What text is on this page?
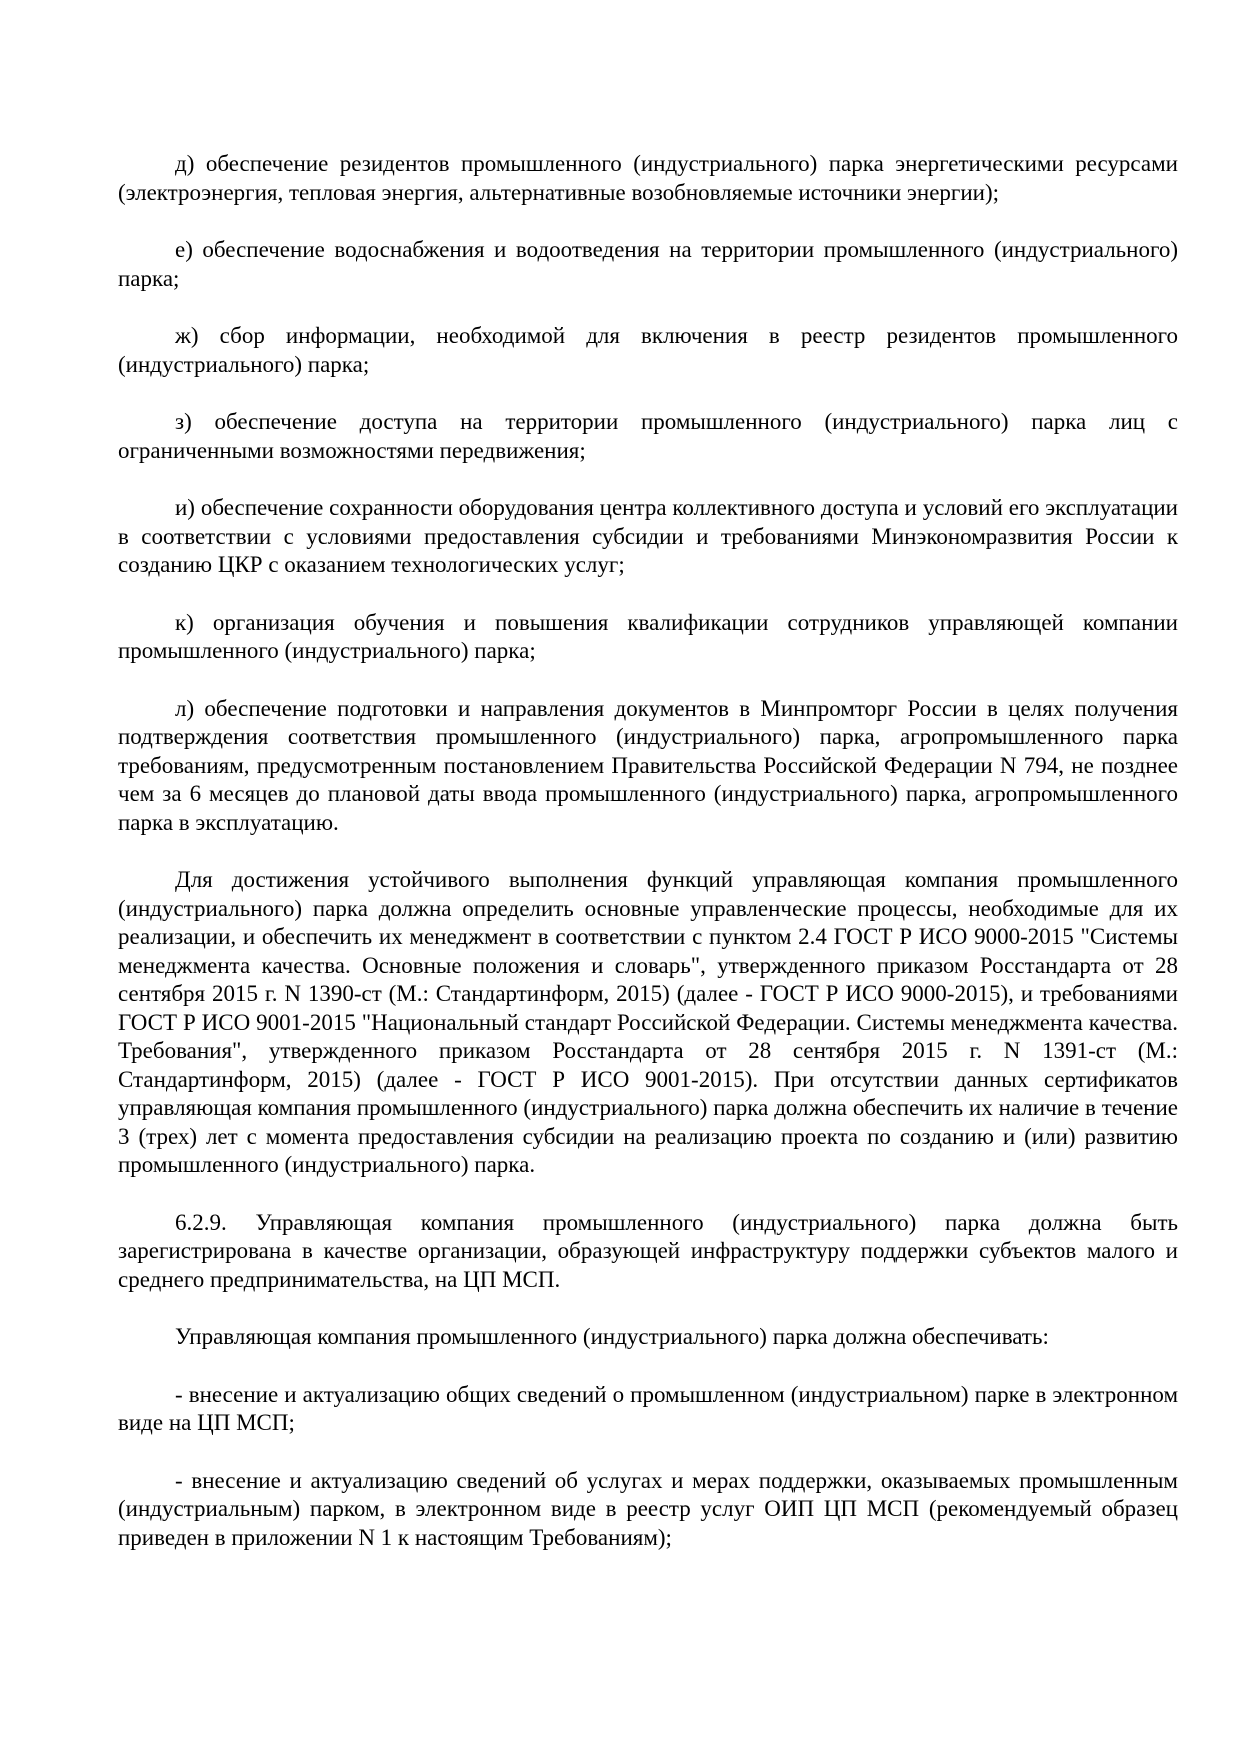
д) обеспечение резидентов промышленного (индустриального) парка энергетическими ресурсами (электроэнергия, тепловая энергия, альтернативные возобновляемые источники энергии);

е) обеспечение водоснабжения и водоотведения на территории промышленного (индустриального) парка;

ж) сбор информации, необходимой для включения в реестр резидентов промышленного (индустриального) парка;

з) обеспечение доступа на территории промышленного (индустриального) парка лиц с ограниченными возможностями передвижения;

и) обеспечение сохранности оборудования центра коллективного доступа и условий его эксплуатации в соответствии с условиями предоставления субсидии и требованиями Минэкономразвития России к созданию ЦКР с оказанием технологических услуг;

к) организация обучения и повышения квалификации сотрудников управляющей компании промышленного (индустриального) парка;

л) обеспечение подготовки и направления документов в Минпромторг России в целях получения подтверждения соответствия промышленного (индустриального) парка, агропромышленного парка требованиям, предусмотренным постановлением Правительства Российской Федерации N 794, не позднее чем за 6 месяцев до плановой даты ввода промышленного (индустриального) парка, агропромышленного парка в эксплуатацию.

Для достижения устойчивого выполнения функций управляющая компания промышленного (индустриального) парка должна определить основные управленческие процессы, необходимые для их реализации, и обеспечить их менеджмент в соответствии с пунктом 2.4 ГОСТ Р ИСО 9000-2015 "Системы менеджмента качества. Основные положения и словарь", утвержденного приказом Росстандарта от 28 сентября 2015 г. N 1390-ст (М.: Стандартинформ, 2015) (далее - ГОСТ Р ИСО 9000-2015), и требованиями ГОСТ Р ИСО 9001-2015 "Национальный стандарт Российской Федерации. Системы менеджмента качества. Требования", утвержденного приказом Росстандарта от 28 сентября 2015 г. N 1391-ст (М.: Стандартинформ, 2015) (далее - ГОСТ Р ИСО 9001-2015). При отсутствии данных сертификатов управляющая компания промышленного (индустриального) парка должна обеспечить их наличие в течение 3 (трех) лет с момента предоставления субсидии на реализацию проекта по созданию и (или) развитию промышленного (индустриального) парка.

6.2.9. Управляющая компания промышленного (индустриального) парка должна быть зарегистрирована в качестве организации, образующей инфраструктуру поддержки субъектов малого и среднего предпринимательства, на ЦП МСП.

Управляющая компания промышленного (индустриального) парка должна обеспечивать:

- внесение и актуализацию общих сведений о промышленном (индустриальном) парке в электронном виде на ЦП МСП;

- внесение и актуализацию сведений об услугах и мерах поддержки, оказываемых промышленным (индустриальным) парком, в электронном виде в реестр услуг ОИП ЦП МСП (рекомендуемый образец приведен в приложении N 1 к настоящим Требованиям);
